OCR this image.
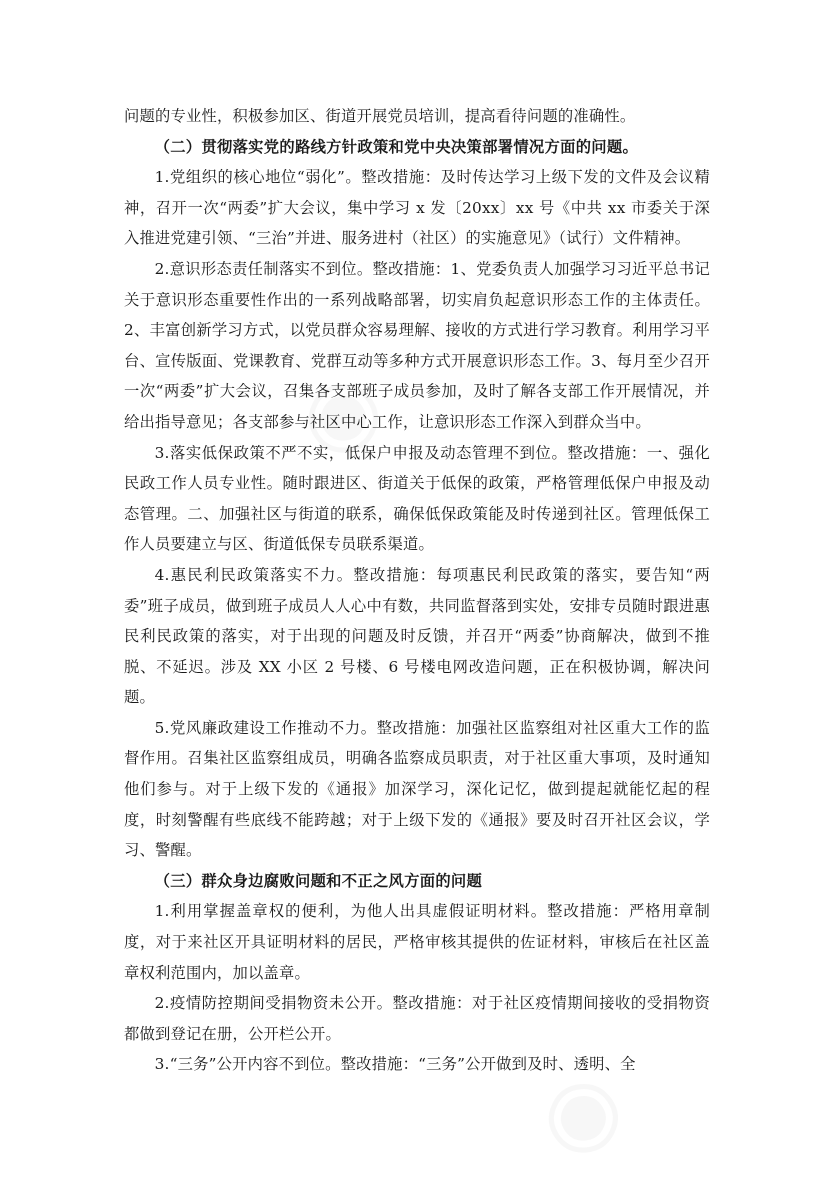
◉
◉

问题的专业性，积极参加区、街道开展党员培训，提高看待问题的准确性。

（二）贯彻落实党的路线方针政策和党中央决策部署情况方面的问题。

1.党组织的核心地位“弱化”。整改措施：及时传达学习上级下发的文件及会议精神，召开一次“两委”扩大会议，集中学习 x 发〔20xx〕xx 号《中共 xx 市委关于深入推进党建引领、“三治”并进、服务进村（社区）的实施意见》（试行）文件精神。

2.意识形态责任制落实不到位。整改措施：1、党委负责人加强学习习近平总书记关于意识形态重要性作出的一系列战略部署，切实肩负起意识形态工作的主体责任。2、丰富创新学习方式，以党员群众容易理解、接收的方式进行学习教育。利用学习平台、宣传版面、党课教育、党群互动等多种方式开展意识形态工作。3、每月至少召开一次“两委”扩大会议，召集各支部班子成员参加，及时了解各支部工作开展情况，并给出指导意见；各支部参与社区中心工作，让意识形态工作深入到群众当中。

3.落实低保政策不严不实，低保户申报及动态管理不到位。整改措施：一、强化民政工作人员专业性。随时跟进区、街道关于低保的政策，严格管理低保户申报及动态管理。二、加强社区与街道的联系，确保低保政策能及时传递到社区。管理低保工作人员要建立与区、街道低保专员联系渠道。

4.惠民利民政策落实不力。整改措施：每项惠民利民政策的落实，要告知“两委”班子成员，做到班子成员人人心中有数，共同监督落到实处，安排专员随时跟进惠民利民政策的落实，对于出现的问题及时反馈，并召开“两委”协商解决，做到不推脱、不延迟。涉及 XX 小区 2 号楼、6 号楼电网改造问题，正在积极协调，解决问题。

5.党风廉政建设工作推动不力。整改措施：加强社区监察组对社区重大工作的监督作用。召集社区监察组成员，明确各监察成员职责，对于社区重大事项，及时通知他们参与。对于上级下发的《通报》加深学习，深化记忆，做到提起就能忆起的程度，时刻警醒有些底线不能跨越；对于上级下发的《通报》要及时召开社区会议，学习、警醒。

（三）群众身边腐败问题和不正之风方面的问题

1.利用掌握盖章权的便利，为他人出具虚假证明材料。整改措施：严格用章制度，对于来社区开具证明材料的居民，严格审核其提供的佐证材料，审核后在社区盖章权利范围内，加以盖章。

2.疫情防控期间受捐物资未公开。整改措施：对于社区疫情期间接收的受捐物资都做到登记在册，公开栏公开。

3.“三务”公开内容不到位。整改措施：“三务”公开做到及时、透明、全
